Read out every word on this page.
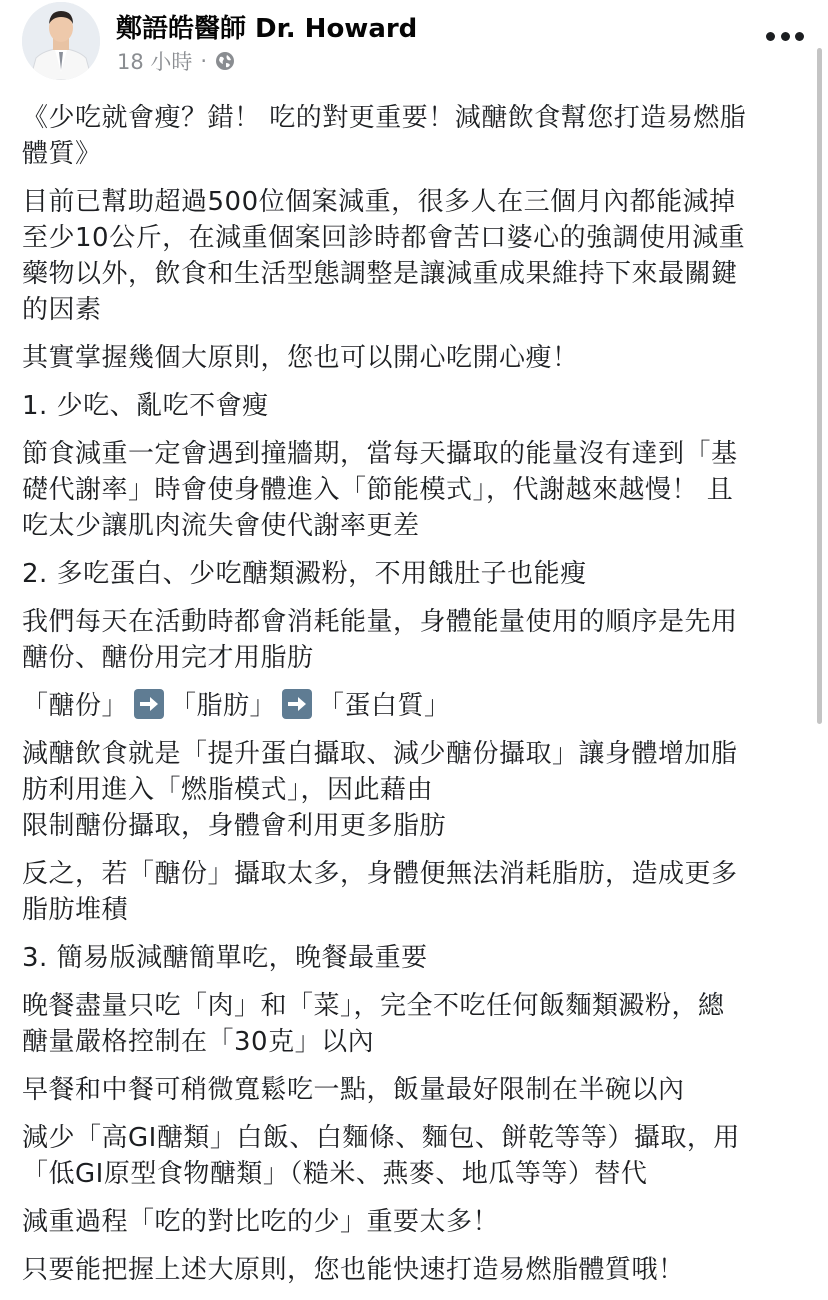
鄭語皓醫師 Dr. Howard
18 小時 ·

《少吃就會瘦？錯！ 吃的對更重要！減醣飲食幫您打造易燃脂
體質》

目前已幫助超過500位個案減重，很多人在三個月內都能減掉
至少10公斤，在減重個案回診時都會苦口婆心的強調使用減重
藥物以外，飲食和生活型態調整是讓減重成果維持下來最關鍵
的因素

其實掌握幾個大原則，您也可以開心吃開心瘦！

1. 少吃、亂吃不會瘦

節食減重一定會遇到撞牆期，當每天攝取的能量沒有達到「基
礎代謝率」時會使身體進入「節能模式」，代謝越來越慢！ 且
吃太少讓肌肉流失會使代謝率更差

2. 多吃蛋白、少吃醣類澱粉，不用餓肚子也能瘦

我們每天在活動時都會消耗能量，身體能量使用的順序是先用
醣份、醣份用完才用脂肪

「醣份」 「脂肪」 「蛋白質」

減醣飲食就是「提升蛋白攝取、減少醣份攝取」讓身體增加脂
肪利用進入「燃脂模式」，因此藉由
限制醣份攝取，身體會利用更多脂肪

反之，若「醣份」攝取太多，身體便無法消耗脂肪，造成更多
脂肪堆積

3. 簡易版減醣簡單吃，晚餐最重要

晚餐盡量只吃「肉」和「菜」，完全不吃任何飯麵類澱粉，總
醣量嚴格控制在「30克」以內

早餐和中餐可稍微寬鬆吃一點，飯量最好限制在半碗以內

減少「高GI醣類」白飯、白麵條、麵包、餅乾等等）攝取，用
「低GI原型食物醣類」（糙米、燕麥、地瓜等等）替代

減重過程「吃的對比吃的少」重要太多！

只要能把握上述大原則，您也能快速打造易燃脂體質哦！
